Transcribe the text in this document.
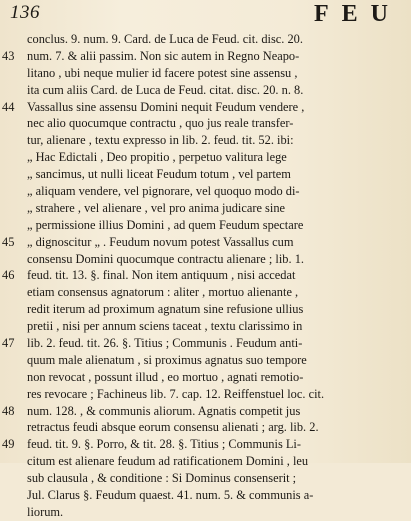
136	FEU
conclus. 9. num. 9. Card. de Luca de Feud. cit. disc. 20.
43	num. 7. & alii passim. Non sic autem in Regno Neapo-
litano , ubi neque mulier id facere potest sine assensu ,
ita cum aliis Card. de Luca de Feud. citat. disc. 20. n. 8.
44	Vassallus sine assensu Domini nequit Feudum vendere ,
nec alio quocumque contractu , quo jus reale transfer-
tur, alienare , textu expresso in lib. 2. feud. tit. 52. ibi:
„ Hac Edictali , Deo propitio , perpetuo valitura lege
„ sancimus, ut nulli liceat Feudum totum , vel partem
„ aliquam vendere, vel pignorare, vel quoquo modo di-
„ strahere , vel alienare , vel pro anima judicare sine
„ permissione illius Domini , ad quem Feudum spectare
45	„ dignoscitur „ . Feudum novum potest Vassallus cum
consensu Domini quocumque contractu alienare ; lib. 1.
46	feud. tit. 13. §. final. Non item antiquum , nisi accedat
etiam consensus agnatorum : aliter , mortuo alienante ,
redit iterum ad proximum agnatum sine refusione ullius
pretii , nisi per annum sciens taceat , textu clarissimo in
47	lib. 2. feud. tit. 26. §. Titius ; Communis . Feudum anti-
quum male alienatum , si proximus agnatus suo tempore
non revocat , possunt illud , eo mortuo , agnati remotio-
res revocare ; Fachineus lib. 7. cap. 12. Reiffenstuel loc. cit.
48	num. 128. , & communis aliorum. Agnatis competit jus
retractus feudi absque eorum consensu alienati ; arg. lib. 2.
49	feud. tit. 9. §. Porro, & tit. 28. §. Titius ; Communis Li-
citum est alienare feudum ad ratificationem Domini , leu
sub clausula , & conditione : Si Dominus consenserit ;
Jul. Clarus §. Feudum quaest. 41. num. 5. & communis a-
liorum.
